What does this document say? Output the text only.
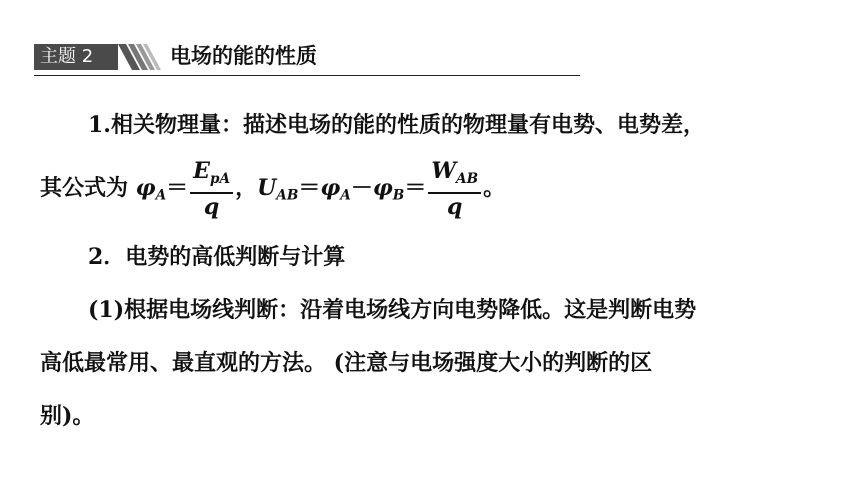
主题 2	电场的能的性质
1.相关物理量：描述电场的能的性质的物理量有电势、电势差，
其公式为 $\varphi_A= \frac{E_{pA}}{q}$ ，$U_{AB}=\varphi_A-\varphi_B= \frac{W_{AB}}{q}$ 。
2．电势的高低判断与计算
(1)根据电场线判断：沿着电场线方向电势降低。这是判断电势
高低最常用、最直观的方法。 (注意与电场强度大小的判断的区
别)。
